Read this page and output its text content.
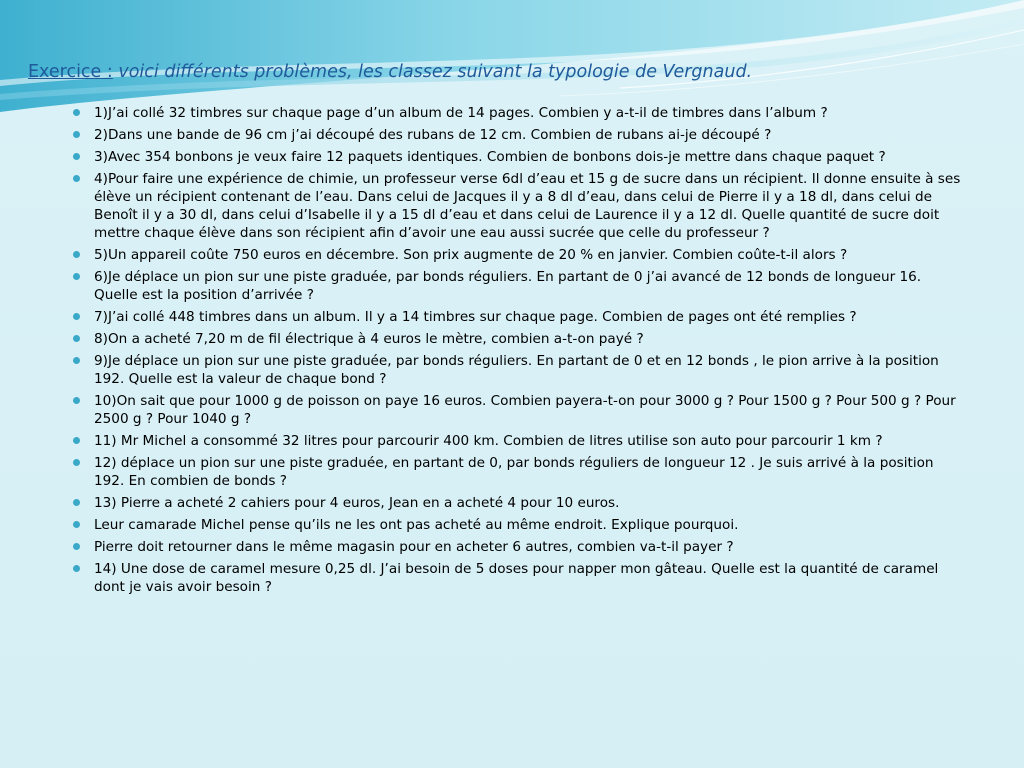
Exercice : voici différents problèmes, les classez suivant la typologie de Vergnaud.
1)J’ai collé 32 timbres sur chaque page d’un album de 14 pages. Combien y a-t-il de timbres dans l’album ?
2)Dans une bande de 96 cm j’ai découpé des rubans de 12 cm. Combien de rubans ai-je découpé ?
3)Avec 354 bonbons je veux faire 12 paquets identiques. Combien de bonbons dois-je mettre dans chaque paquet ?
4)Pour faire une expérience de chimie, un professeur verse 6dl d’eau et 15 g de sucre dans un récipient. Il donne ensuite à ses élève un récipient contenant de l’eau. Dans celui de Jacques il y a 8 dl d’eau, dans celui de Pierre il y a 18 dl, dans celui de Benoît il y a 30 dl, dans celui d’Isabelle il y a 15 dl d’eau et dans celui de Laurence il y a 12 dl. Quelle quantité de sucre doit mettre chaque élève dans son récipient afin d’avoir une eau aussi sucrée que celle du professeur ?
5)Un appareil coûte 750 euros en décembre. Son prix augmente de 20 % en janvier. Combien coûte-t-il alors ?
6)Je déplace un pion sur une piste graduée, par bonds réguliers. En partant de 0 j’ai avancé de 12 bonds de longueur 16. Quelle est la position d’arrivée ?
7)J’ai collé 448 timbres dans un album. Il y a 14 timbres sur chaque page. Combien de pages ont été remplies ?
8)On a acheté 7,20 m de fil électrique à 4 euros le mètre, combien a-t-on payé ?
9)Je déplace un pion sur une piste graduée, par bonds réguliers. En partant de 0 et en 12 bonds , le pion arrive à la position 192. Quelle est la valeur de chaque bond ?
10)On sait que pour 1000 g de poisson on paye 16 euros. Combien payera-t-on pour 3000 g ? Pour 1500 g ? Pour 500 g ? Pour 2500 g ? Pour 1040 g ?
11) Mr Michel a consommé 32 litres pour parcourir 400 km. Combien de litres utilise son auto pour parcourir 1 km ?
12) déplace un pion sur une piste graduée, en partant de 0, par bonds réguliers de longueur 12 . Je suis arrivé à la position 192. En combien de bonds ?
13) Pierre a acheté 2 cahiers pour 4 euros, Jean en a acheté 4 pour 10 euros.
Leur camarade Michel pense qu’ils ne les ont pas acheté au même endroit. Explique pourquoi.
Pierre doit retourner dans le même magasin pour en acheter 6 autres, combien va-t-il payer ?
14) Une dose de caramel mesure 0,25 dl. J’ai besoin de 5 doses pour napper mon gâteau. Quelle est la quantité de caramel dont je vais avoir besoin ?
